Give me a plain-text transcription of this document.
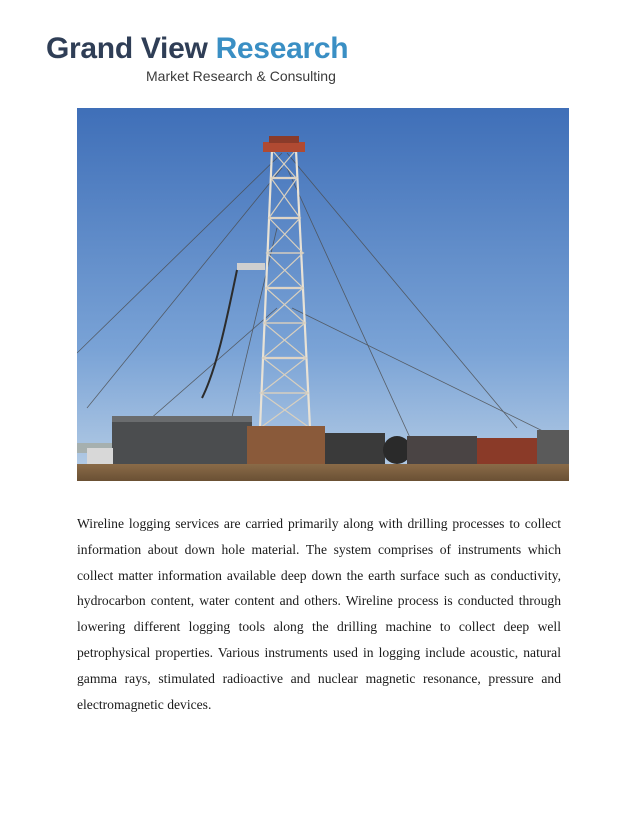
Grand View Research
Market Research & Consulting

Wireline logging services are carried primarily along with drilling processes to collect information about down hole material. The system comprises of instruments which collect matter information available deep down the earth surface such as conductivity, hydrocarbon content, water content and others. Wireline process is conducted through lowering different logging tools along the drilling machine to collect deep well petrophysical properties. Various instruments used in logging include acoustic, natural gamma rays, stimulated radioactive and nuclear magnetic resonance, pressure and electromagnetic devices.
